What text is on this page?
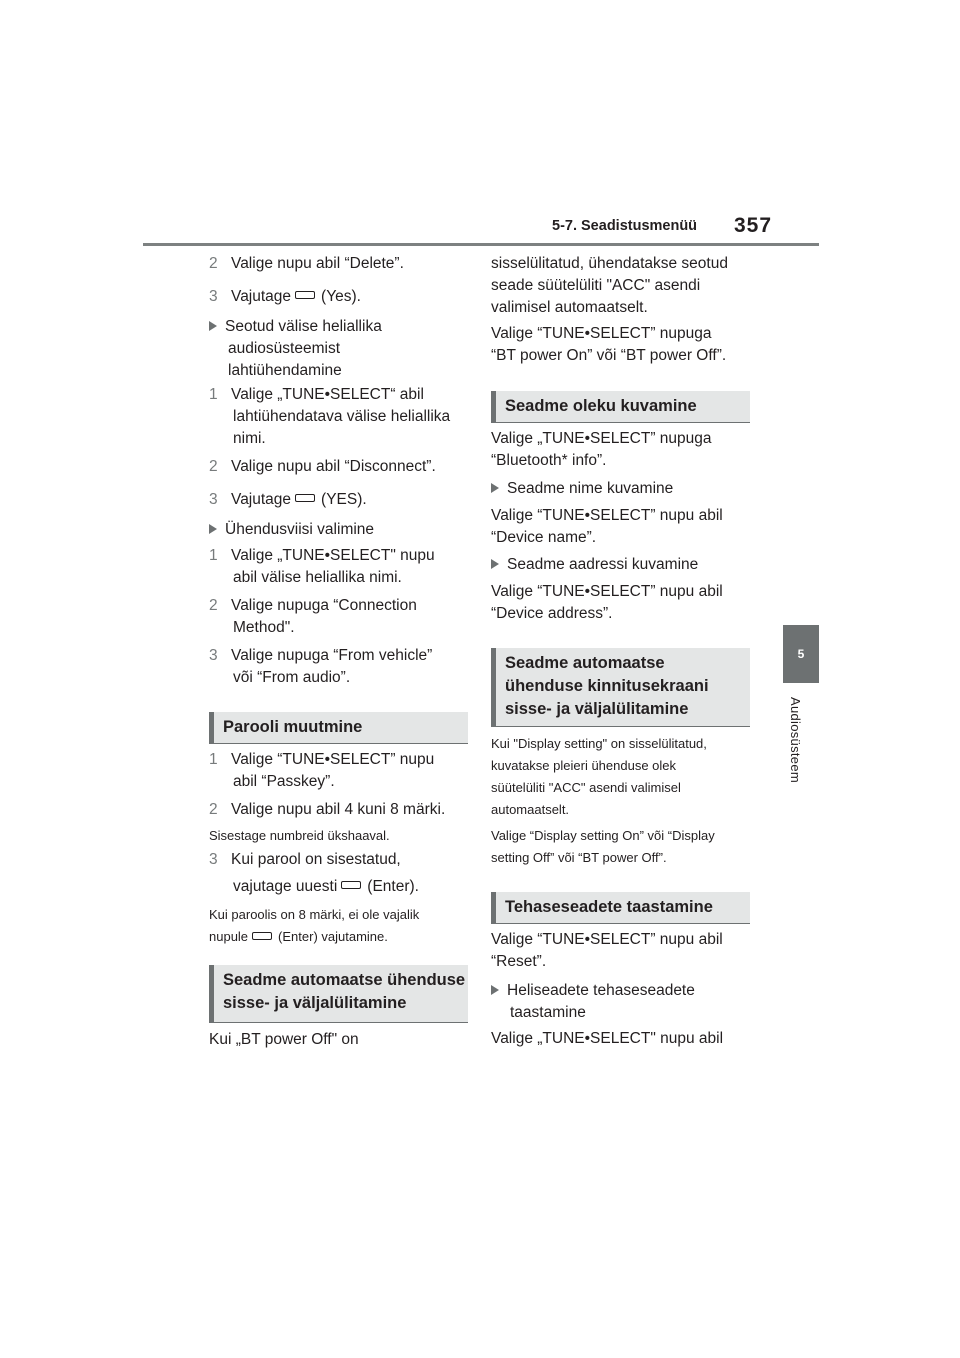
5-7. Seadistusmenüü 357
5
Audiosüsteem
2 Valige nupu abil “Delete”.
3 Vajutage (Yes).
Seotud välise heliallika
audiosüsteemist
lahtiühendamine
1 Valige „TUNE•SELECT“ abil
lahtiühendatava välise heliallika
nimi.
2 Valige nupu abil “Disconnect”.
3 Vajutage (YES).
Ühendusviisi valimine
1 Valige „TUNE•SELECT" nupu
abil välise heliallika nimi.
2 Valige nupuga “Connection
Method".
3 Valige nupuga “From vehicle”
või “From audio”.
Parooli muutmine
1 Valige “TUNE•SELECT” nupu
abil “Passkey”.
2 Valige nupu abil 4 kuni 8 märki.
Sisestage numbreid ükshaaval.
3 Kui parool on sisestatud,
vajutage uuesti (Enter).
Kui paroolis on 8 märki, ei ole vajalik
nupule (Enter) vajutamine.
Seadme automaatse ühenduse
sisse- ja väljalülitamine
Kui „BT power Off" on
sisselülitatud, ühendatakse seotud
seade süütelüliti "ACC" asendi
valimisel automaatselt.
Valige “TUNE•SELECT” nupuga
“BT power On” või “BT power Off”.
Seadme oleku kuvamine
Valige „TUNE•SELECT” nupuga
“Bluetooth* info”.
Seadme nime kuvamine
Valige “TUNE•SELECT” nupu abil
“Device name”.
Seadme aadressi kuvamine
Valige “TUNE•SELECT” nupu abil
“Device address”.
Seadme automaatse
ühenduse kinnitusekraani
sisse- ja väljalülitamine
Kui "Display setting" on sisselülitatud,
kuvatakse pleieri ühenduse olek
süütelüliti "ACC" asendi valimisel
automaatselt.
Valige “Display setting On” või “Display
setting Off” või “BT power Off”.
Tehaseseadete taastamine
Valige “TUNE•SELECT” nupu abil
“Reset”.
Heliseadete tehaseseadete
taastamine
Valige „TUNE•SELECT" nupu abil
